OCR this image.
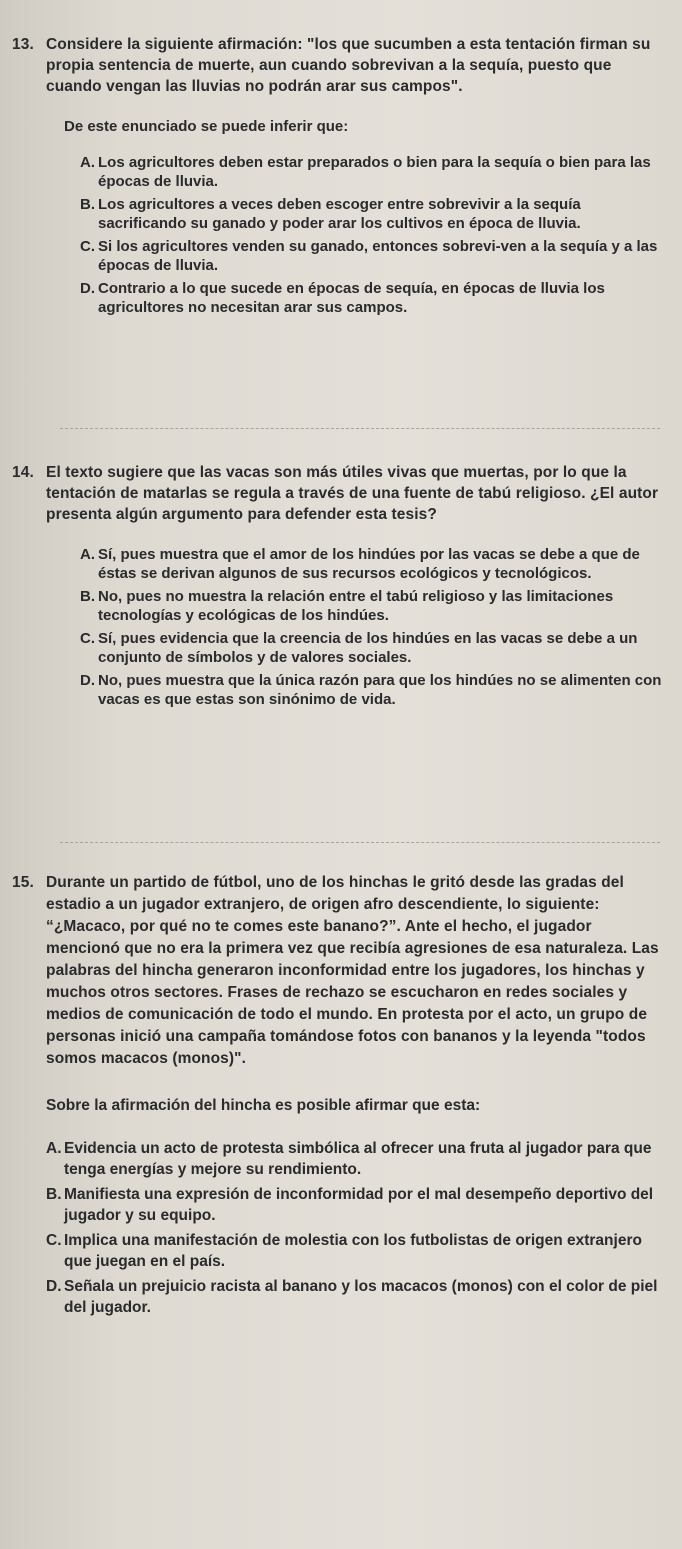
13. Considere la siguiente afirmación: "los que sucumben a esta tentación firman su propia sentencia de muerte, aun cuando sobrevivan a la sequía, puesto que cuando vengan las lluvias no podrán arar sus campos".
De este enunciado se puede inferir que:
A. Los agricultores deben estar preparados o bien para la sequía o bien para las épocas de lluvia.
B. Los agricultores a veces deben escoger entre sobrevivir a la sequía sacrificando su ganado y poder arar los cultivos en época de lluvia.
C. Si los agricultores venden su ganado, entonces sobrevi-ven a la sequía y a las épocas de lluvia.
D. Contrario a lo que sucede en épocas de sequía, en épocas de lluvia los agricultores no necesitan arar sus campos.
14. El texto sugiere que las vacas son más útiles vivas que muertas, por lo que la tentación de matarlas se regula a través de una fuente de tabú religioso. ¿El autor presenta algún argumento para defender esta tesis?
A. Sí, pues muestra que el amor de los hindúes por las vacas se debe a que de éstas se derivan algunos de sus recursos ecológicos y tecnológicos.
B. No, pues no muestra la relación entre el tabú religioso y las limitaciones tecnologías y ecológicas de los hindúes.
C. Sí, pues evidencia que la creencia de los hindúes en las vacas se debe a un conjunto de símbolos y de valores sociales.
D. No, pues muestra que la única razón para que los hindúes no se alimenten con vacas es que estas son sinónimo de vida.
15. Durante un partido de fútbol, uno de los hinchas le gritó desde las gradas del estadio a un jugador extranjero, de origen afro descendiente, lo siguiente: “¿Macaco, por qué no te comes este banano?”. Ante el hecho, el jugador mencionó que no era la primera vez que recibía agresiones de esa naturaleza. Las palabras del hincha generaron inconformidad entre los jugadores, los hinchas y muchos otros sectores. Frases de rechazo se escucharon en redes sociales y medios de comunicación de todo el mundo. En protesta por el acto, un grupo de personas inició una campaña tomándose fotos con bananos y la leyenda "todos somos macacos (monos)".
Sobre la afirmación del hincha es posible afirmar que esta:
A. Evidencia un acto de protesta simbólica al ofrecer una fruta al jugador para que tenga energías y mejore su rendimiento.
B. Manifiesta una expresión de inconformidad por el mal desempeño deportivo del jugador y su equipo.
C. Implica una manifestación de molestia con los futbolistas de origen extranjero que juegan en el país.
D. Señala un prejuicio racista al banano y los macacos (monos) con el color de piel del jugador.
